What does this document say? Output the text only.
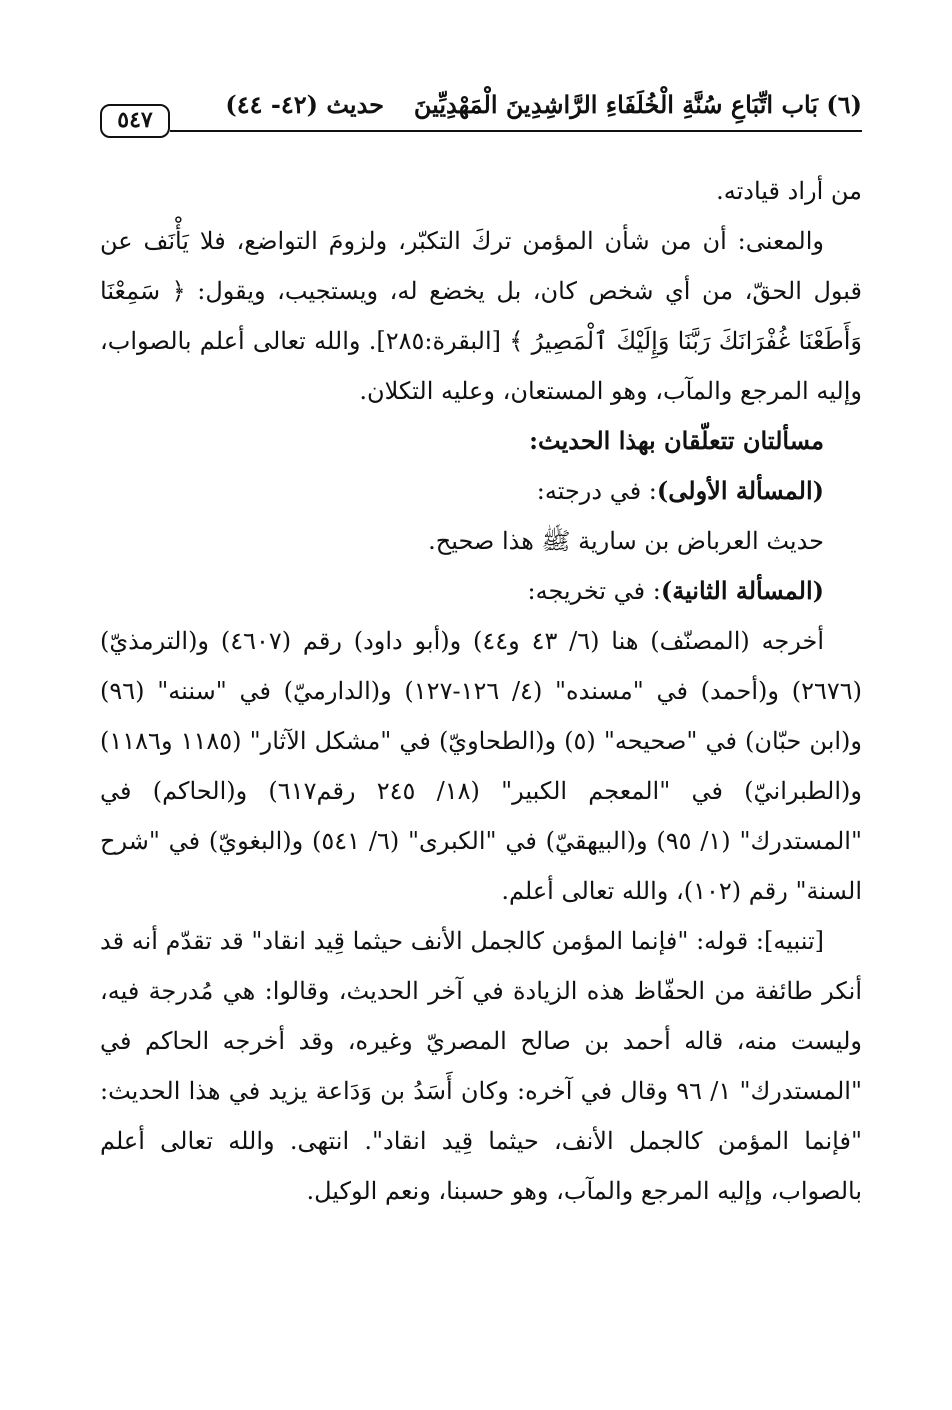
(٦) بَاب اتِّبَاعِ سُنَّةِ الْخُلَفَاءِ الرَّاشِدِينَ الْمَهْدِيِّينَ
حديث (٤٢- ٤٤)
٥٤٧

من أراد قيادته.

والمعنى: أن من شأن المؤمن تركَ التكبّر، ولزومَ التواضع، فلا يَأْنَف عن قبول الحقّ، من أي شخص كان، بل يخضع له، ويستجيب، ويقول: ﴿ سَمِعْنَا وَأَطَعْنَا غُفْرَانَكَ رَبَّنَا وَإِلَيْكَ ٱلْمَصِيرُ ﴾ [البقرة:٢٨٥]. والله تعالى أعلم بالصواب، وإليه المرجع والمآب، وهو المستعان، وعليه التكلان.

مسألتان تتعلّقان بهذا الحديث:

(المسألة الأولى): في درجته:

حديث العرباض بن سارية ﷺ هذا صحيح.

(المسألة الثانية): في تخريجه:

أخرجه (المصنّف) هنا (٦/ ٤٣ و٤٤) و(أبو داود) رقم (٤٦٠٧) و(الترمذيّ) (٢٦٧٦) و(أحمد) في "مسنده" (٤/ ١٢٦-١٢٧) و(الدارميّ) في "سننه" (٩٦) و(ابن حبّان) في "صحيحه" (٥) و(الطحاويّ) في "مشكل الآثار" (١١٨٥ و١١٨٦) و(الطبرانيّ) في "المعجم الكبير" (١٨/ ٢٤٥ رقم٦١٧) و(الحاكم) في "المستدرك" (١/ ٩٥) و(البيهقيّ) في "الكبرى" (٦/ ٥٤١) و(البغويّ) في "شرح السنة" رقم (١٠٢)، والله تعالى أعلم.

[تنبيه]: قوله: "فإنما المؤمن كالجمل الأنف حيثما قِيد انقاد" قد تقدّم أنه قد أنكر طائفة من الحفّاظ هذه الزيادة في آخر الحديث، وقالوا: هي مُدرجة فيه، وليست منه، قاله أحمد بن صالح المصريّ وغيره، وقد أخرجه الحاكم في "المستدرك" ١/ ٩٦ وقال في آخره: وكان أَسَدُ بن وَدَاعة يزيد في هذا الحديث: "فإنما المؤمن كالجمل الأنف، حيثما قِيد انقاد". انتهى. والله تعالى أعلم بالصواب، وإليه المرجع والمآب، وهو حسبنا، ونعم الوكيل.
